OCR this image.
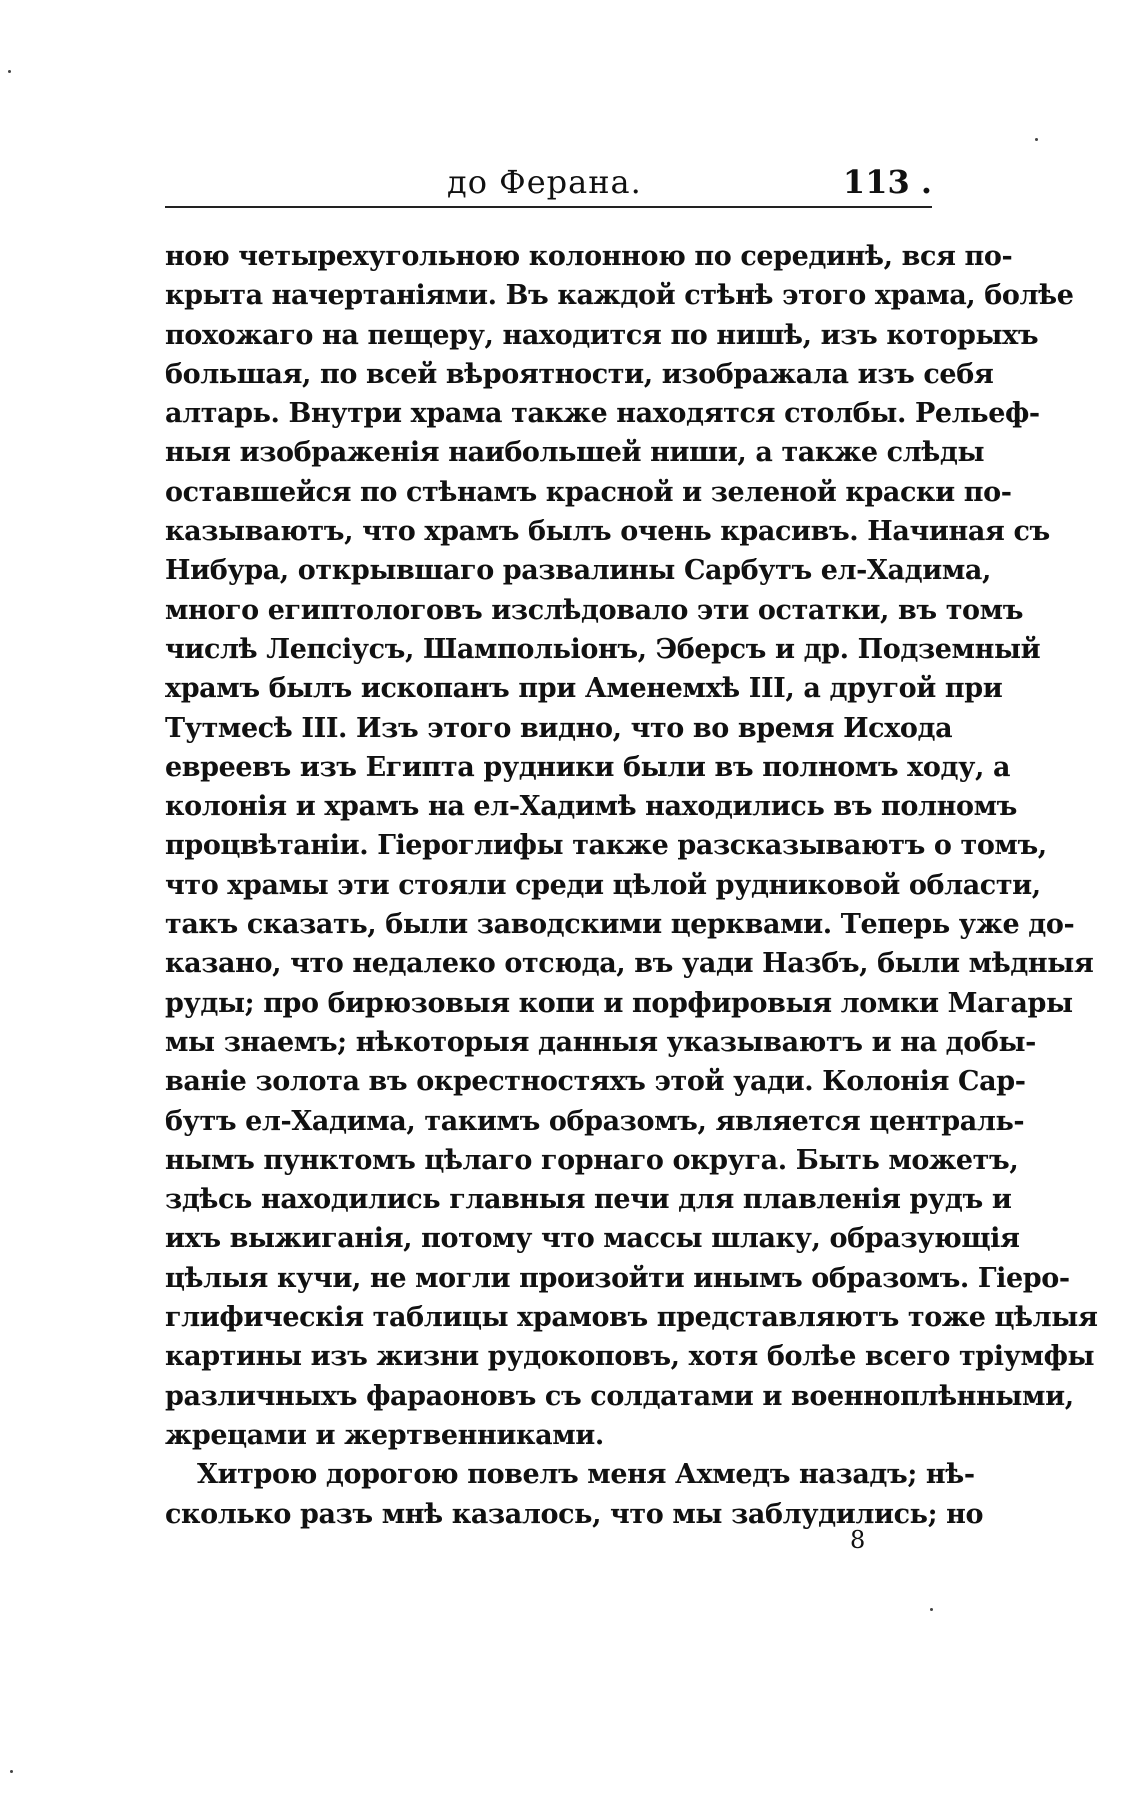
до Ферана.	113 .
ною четырехугольною колонною по серединѣ, вся по-
крыта начертаніями. Въ каждой стѣнѣ этого храма, болѣе
похожаго на пещеру, находится по нишѣ, изъ которыхъ
большая, по всей вѣроятности, изображала изъ себя
алтарь. Внутри храма также находятся столбы. Рельеф-
ныя изображенія наибольшей ниши, а также слѣды
оставшейся по стѣнамъ красной и зеленой краски по-
казываютъ, что храмъ былъ очень красивъ. Начиная съ
Нибура, открывшаго развалины Сарбутъ ел-Хадима,
много египтологовъ изслѣдовало эти остатки, въ томъ
числѣ Лепсіусъ, Шампольіонъ, Эберсъ и др. Подземный
храмъ былъ ископанъ при Аменемхѣ III, а другой при
Тутмесѣ III. Изъ этого видно, что во время Исхода
евреевъ изъ Египта рудники были въ полномъ ходу, а
колонія и храмъ на ел-Хадимѣ находились въ полномъ
процвѣтаніи. Гіероглифы также разсказываютъ о томъ,
что храмы эти стояли среди цѣлой рудниковой области,
такъ сказать, были заводскими церквами. Теперь уже до-
казано, что недалеко отсюда, въ уади Назбъ, были мѣдныя
руды; про бирюзовыя копи и порфировыя ломки Магары
мы знаемъ; нѣкоторыя данныя указываютъ и на добы-
ваніе золота въ окрестностяхъ этой уади. Колонія Сар-
бутъ ел-Хадима, такимъ образомъ, является централь-
нымъ пунктомъ цѣлаго горнаго округа. Быть можетъ,
здѣсь находились главныя печи для плавленія рудъ и
ихъ выжиганія, потому что массы шлаку, образующія
цѣлыя кучи, не могли произойти инымъ образомъ. Гіеро-
глифическія таблицы храмовъ представляютъ тоже цѣлыя
картины изъ жизни рудокоповъ, хотя болѣе всего тріумфы
различныхъ фараоновъ съ солдатами и военноплѣнными,
жрецами и жертвенниками.
Хитрою дорогою повелъ меня Ахмедъ назадъ; нѣ-
сколько разъ мнѣ казалось, что мы заблудились; но
8
